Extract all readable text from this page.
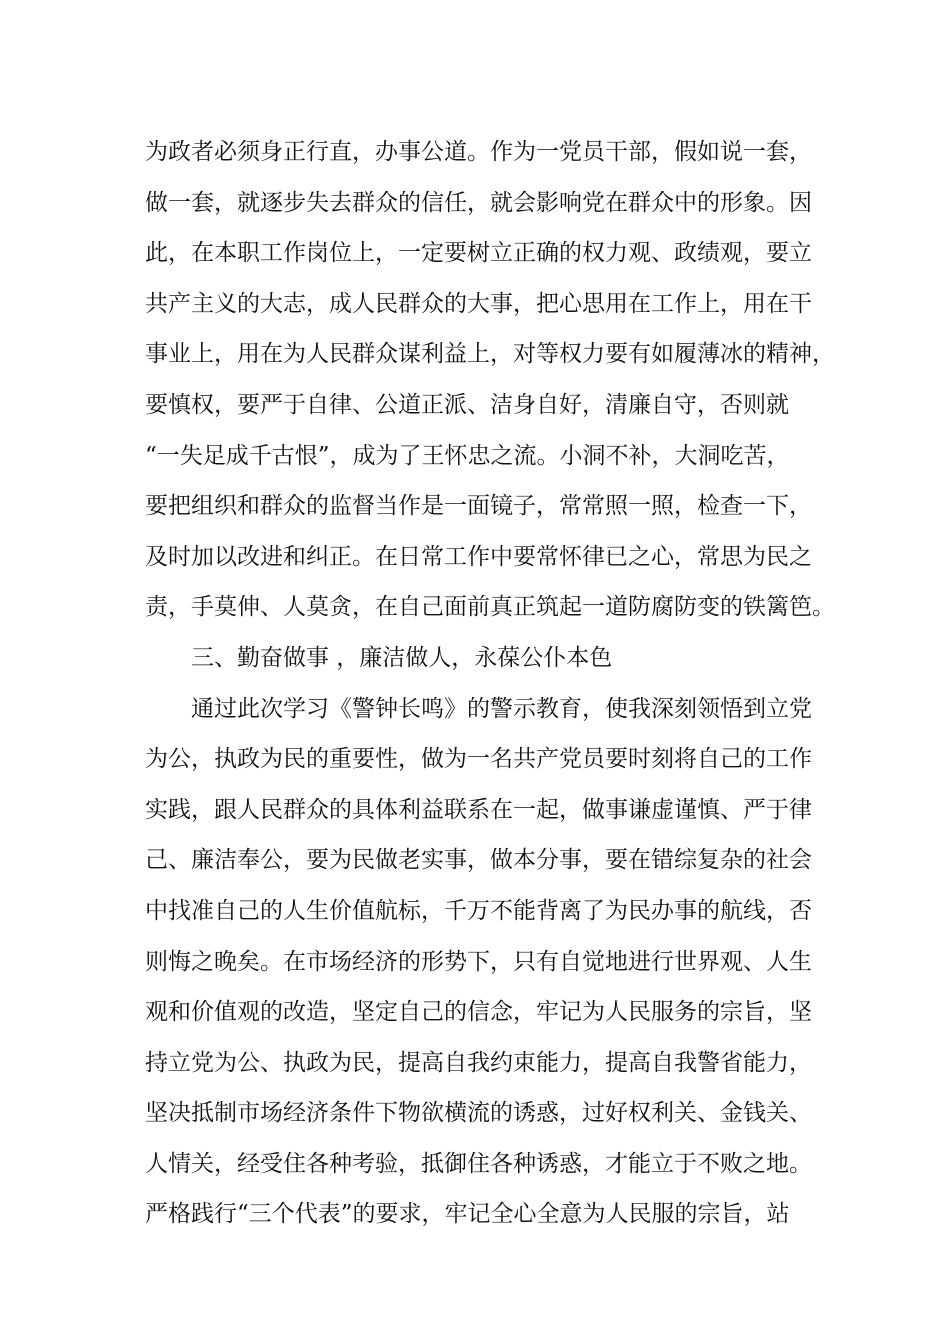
为政者必须身正行直，办事公道。作为一党员干部，假如说一套，
做一套，就逐步失去群众的信任，就会影响党在群众中的形象。因
此，在本职工作岗位上，一定要树立正确的权力观、政绩观，要立
共产主义的大志，成人民群众的大事，把心思用在工作上，用在干
事业上，用在为人民群众谋利益上，对等权力要有如履薄冰的精神，
要慎权，要严于自律、公道正派、洁身自好，清廉自守，否则就
“一失足成千古恨”，成为了王怀忠之流。小洞不补，大洞吃苦，
要把组织和群众的监督当作是一面镜子，常常照一照，检查一下，
及时加以改进和纠正。在日常工作中要常怀律已之心，常思为民之
责，手莫伸、人莫贪，在自己面前真正筑起一道防腐防变的铁篱笆。
三、勤奋做事 ，廉洁做人，永葆公仆本色
通过此次学习《警钟长鸣》的警示教育，使我深刻领悟到立党
为公，执政为民的重要性，做为一名共产党员要时刻将自己的工作
实践，跟人民群众的具体利益联系在一起，做事谦虚谨慎、严于律
己、廉洁奉公，要为民做老实事，做本分事，要在错综复杂的社会
中找准自己的人生价值航标，千万不能背离了为民办事的航线，否
则悔之晚矣。在市场经济的形势下，只有自觉地进行世界观、人生
观和价值观的改造，坚定自己的信念，牢记为人民服务的宗旨，坚
持立党为公、执政为民，提高自我约束能力，提高自我警省能力，
坚决抵制市场经济条件下物欲横流的诱惑，过好权利关、金钱关、
人情关，经受住各种考验，抵御住各种诱惑，才能立于不败之地。
严格践行“三个代表”的要求，牢记全心全意为人民服的宗旨，站
